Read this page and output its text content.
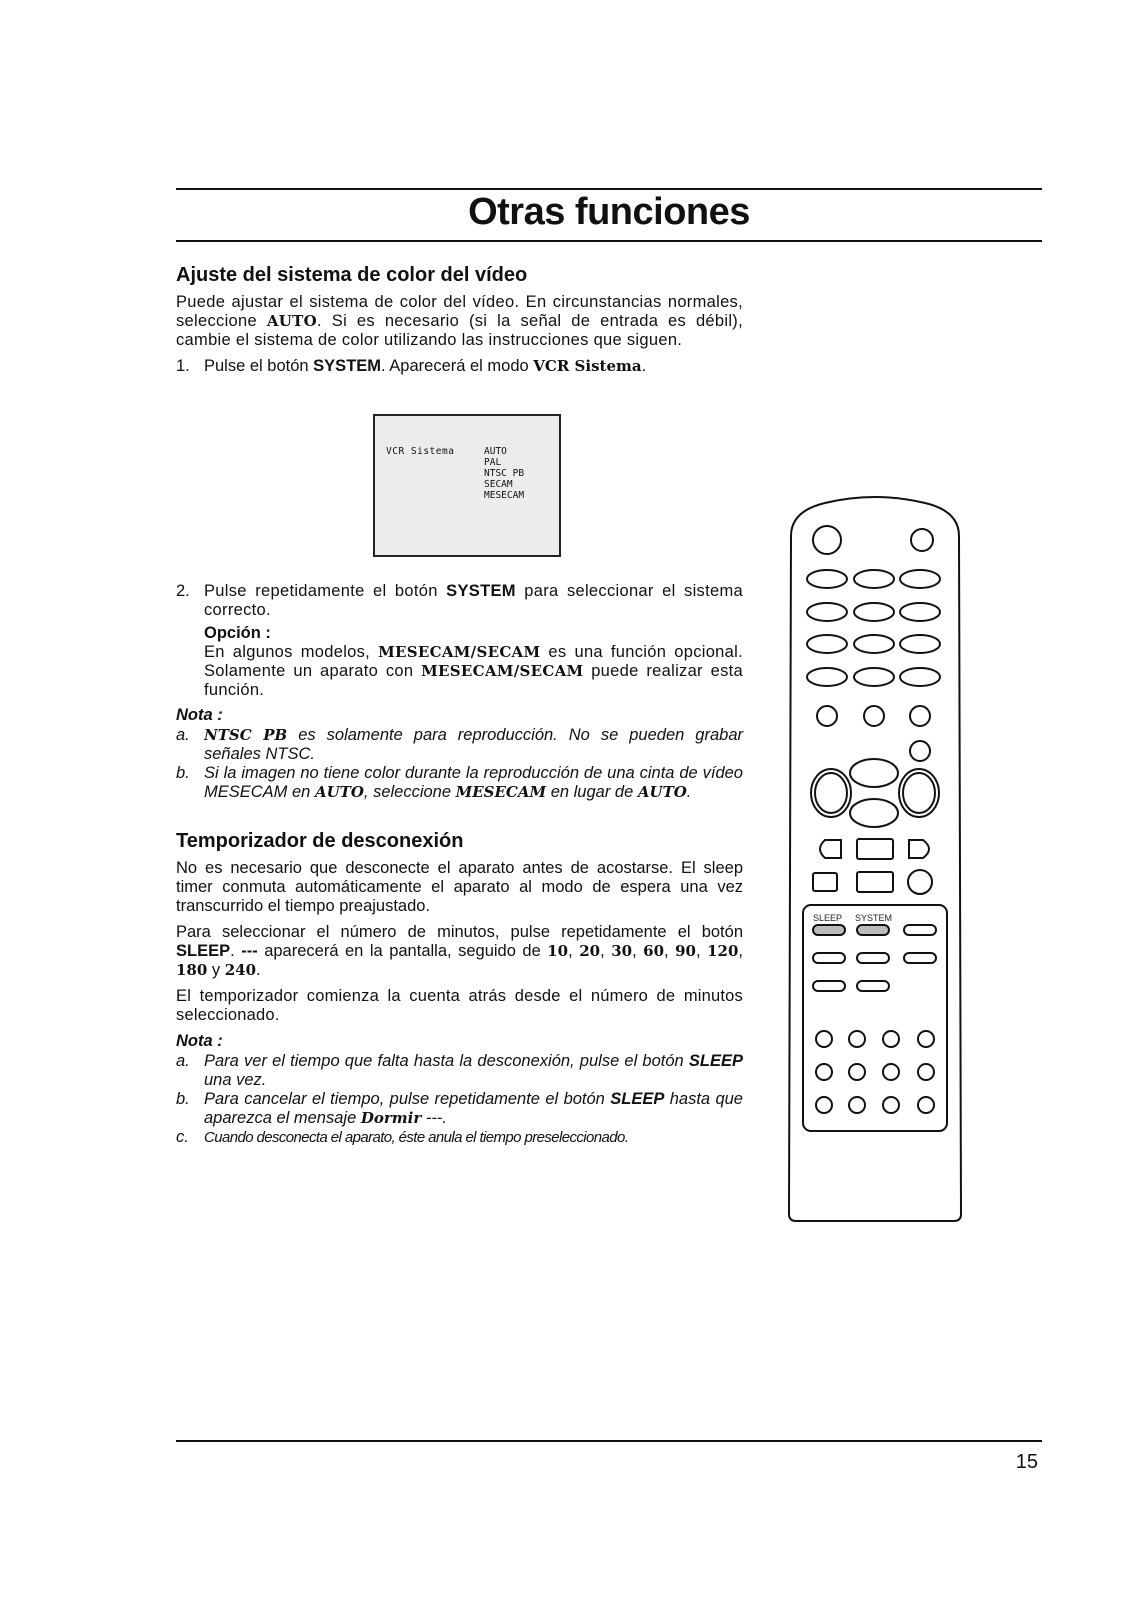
Otras funciones
Ajuste del sistema de color del vídeo
Puede ajustar el sistema de color del vídeo. En circunstancias normales, seleccione AUTO. Si es necesario (si la señal de entrada es débil), cambie el sistema de color utilizando las instrucciones que siguen.
1. Pulse el botón SYSTEM. Aparecerá el modo VCR Sistema.
VCR Sistema	AUTO
PAL
NTSC PB
SECAM
MESECAM
2. Pulse repetidamente el botón SYSTEM para seleccionar el sistema correcto.
Opción :
En algunos modelos, MESECAM/SECAM es una función opcional. Solamente un aparato con MESECAM/SECAM puede realizar esta función.
Nota :
a. NTSC PB es solamente para reproducción. No se pueden grabar señales NTSC.
b. Si la imagen no tiene color durante la reproducción de una cinta de vídeo MESECAM en AUTO, seleccione MESECAM en lugar de AUTO.
Temporizador de desconexión
No es necesario que desconecte el aparato antes de acostarse. El sleep timer conmuta automáticamente el aparato al modo de espera una vez transcurrido el tiempo preajustado.
Para seleccionar el número de minutos, pulse repetidamente el botón SLEEP. --- aparecerá en la pantalla, seguido de 10, 20, 30, 60, 90, 120, 180 y 240.
El temporizador comienza la cuenta atrás desde el número de minutos seleccionado.
Nota :
a. Para ver el tiempo que falta hasta la desconexión, pulse el botón SLEEP una vez.
b. Para cancelar el tiempo, pulse repetidamente el botón SLEEP hasta que aparezca el mensaje Dormir ---.
c.	Cuando desconecta el aparato, éste anula el tiempo preseleccionado.
SLEEP SYSTEM
15
